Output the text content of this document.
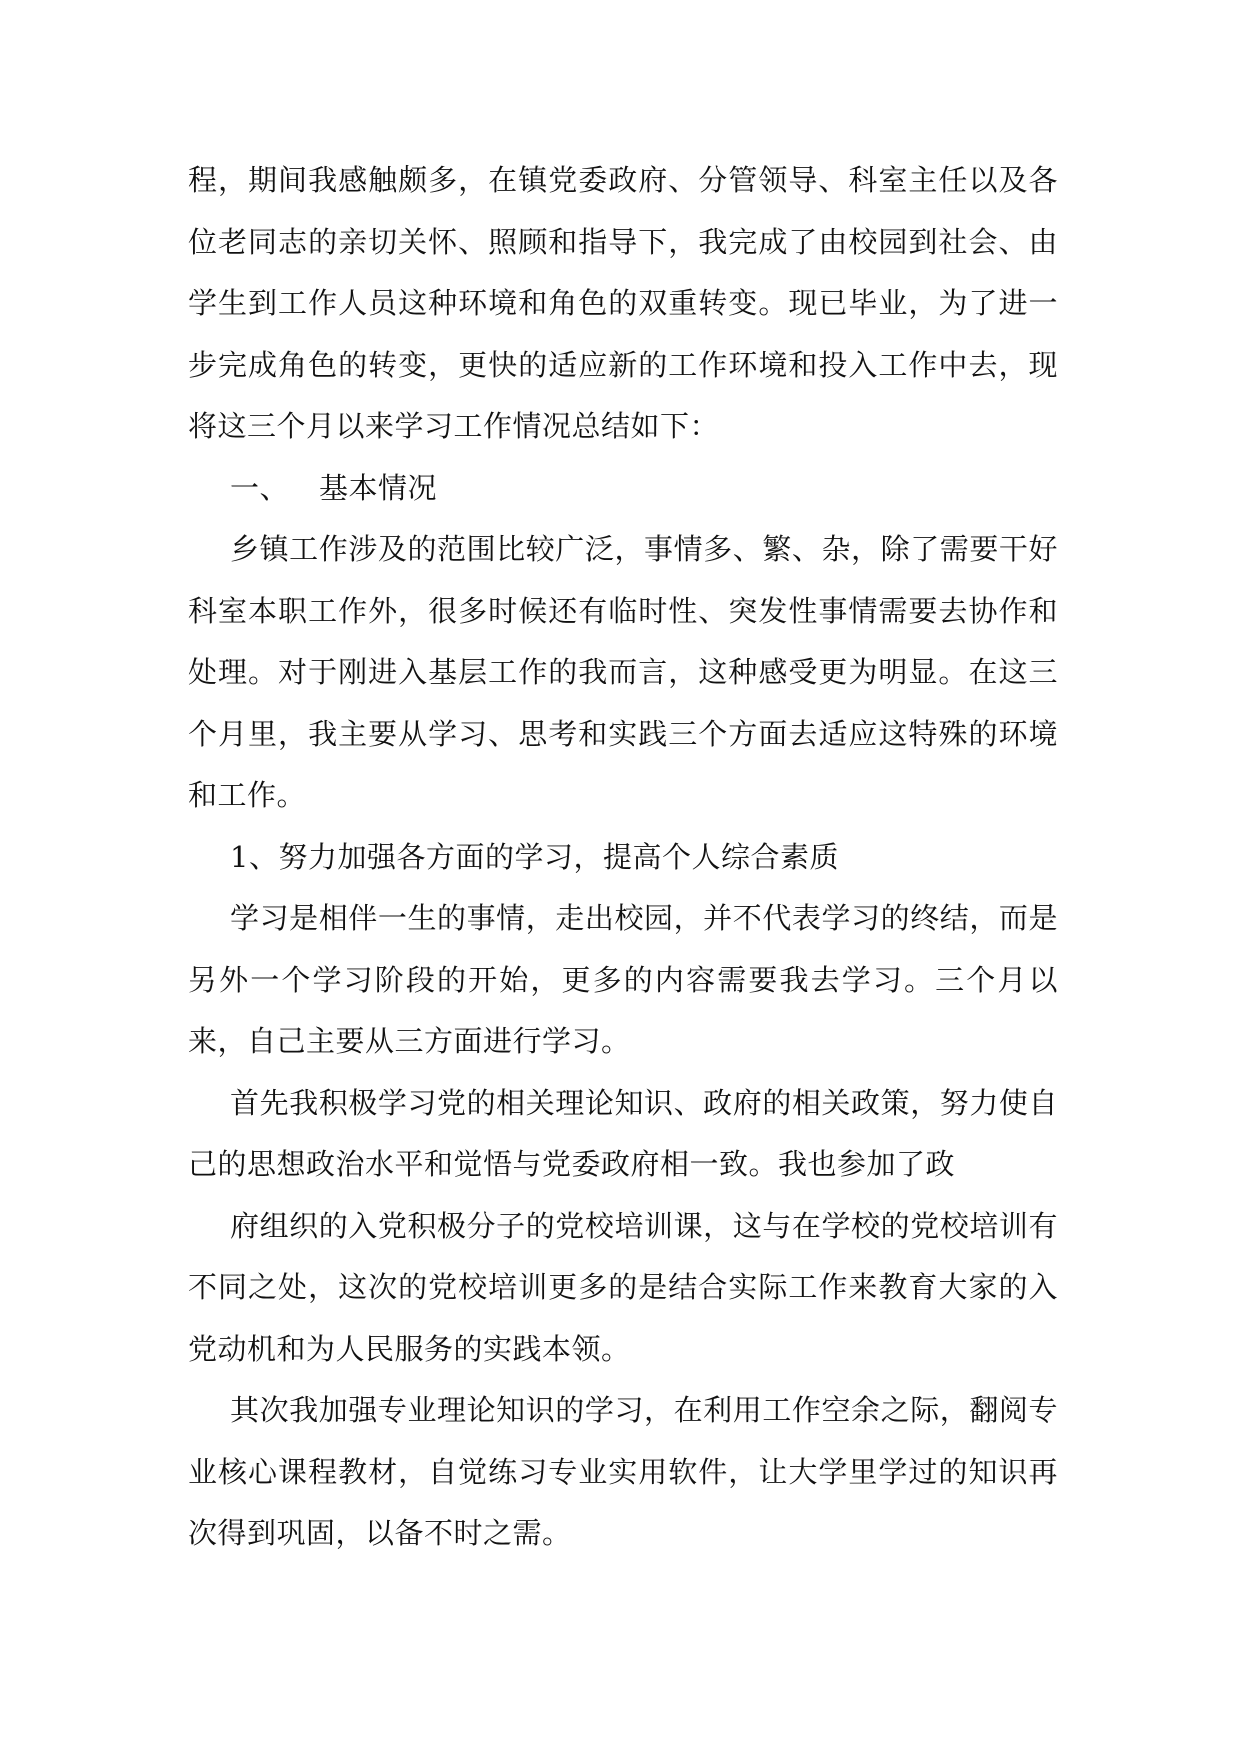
程，期间我感触颇多，在镇党委政府、分管领导、科室主任以及各位老同志的亲切关怀、照顾和指导下，我完成了由校园到社会、由学生到工作人员这种环境和角色的双重转变。现已毕业，为了进一步完成角色的转变，更快的适应新的工作环境和投入工作中去，现将这三个月以来学习工作情况总结如下：

一、 基本情况

乡镇工作涉及的范围比较广泛，事情多、繁、杂，除了需要干好科室本职工作外，很多时候还有临时性、突发性事情需要去协作和处理。对于刚进入基层工作的我而言，这种感受更为明显。在这三个月里，我主要从学习、思考和实践三个方面去适应这特殊的环境和工作。

1、努力加强各方面的学习，提高个人综合素质

学习是相伴一生的事情，走出校园，并不代表学习的终结，而是另外一个学习阶段的开始，更多的内容需要我去学习。三个月以来，自己主要从三方面进行学习。

首先我积极学习党的相关理论知识、政府的相关政策，努力使自己的思想政治水平和觉悟与党委政府相一致。我也参加了政

府组织的入党积极分子的党校培训课，这与在学校的党校培训有不同之处，这次的党校培训更多的是结合实际工作来教育大家的入党动机和为人民服务的实践本领。

其次我加强专业理论知识的学习，在利用工作空余之际，翻阅专业核心课程教材，自觉练习专业实用软件，让大学里学过的知识再次得到巩固，以备不时之需。
